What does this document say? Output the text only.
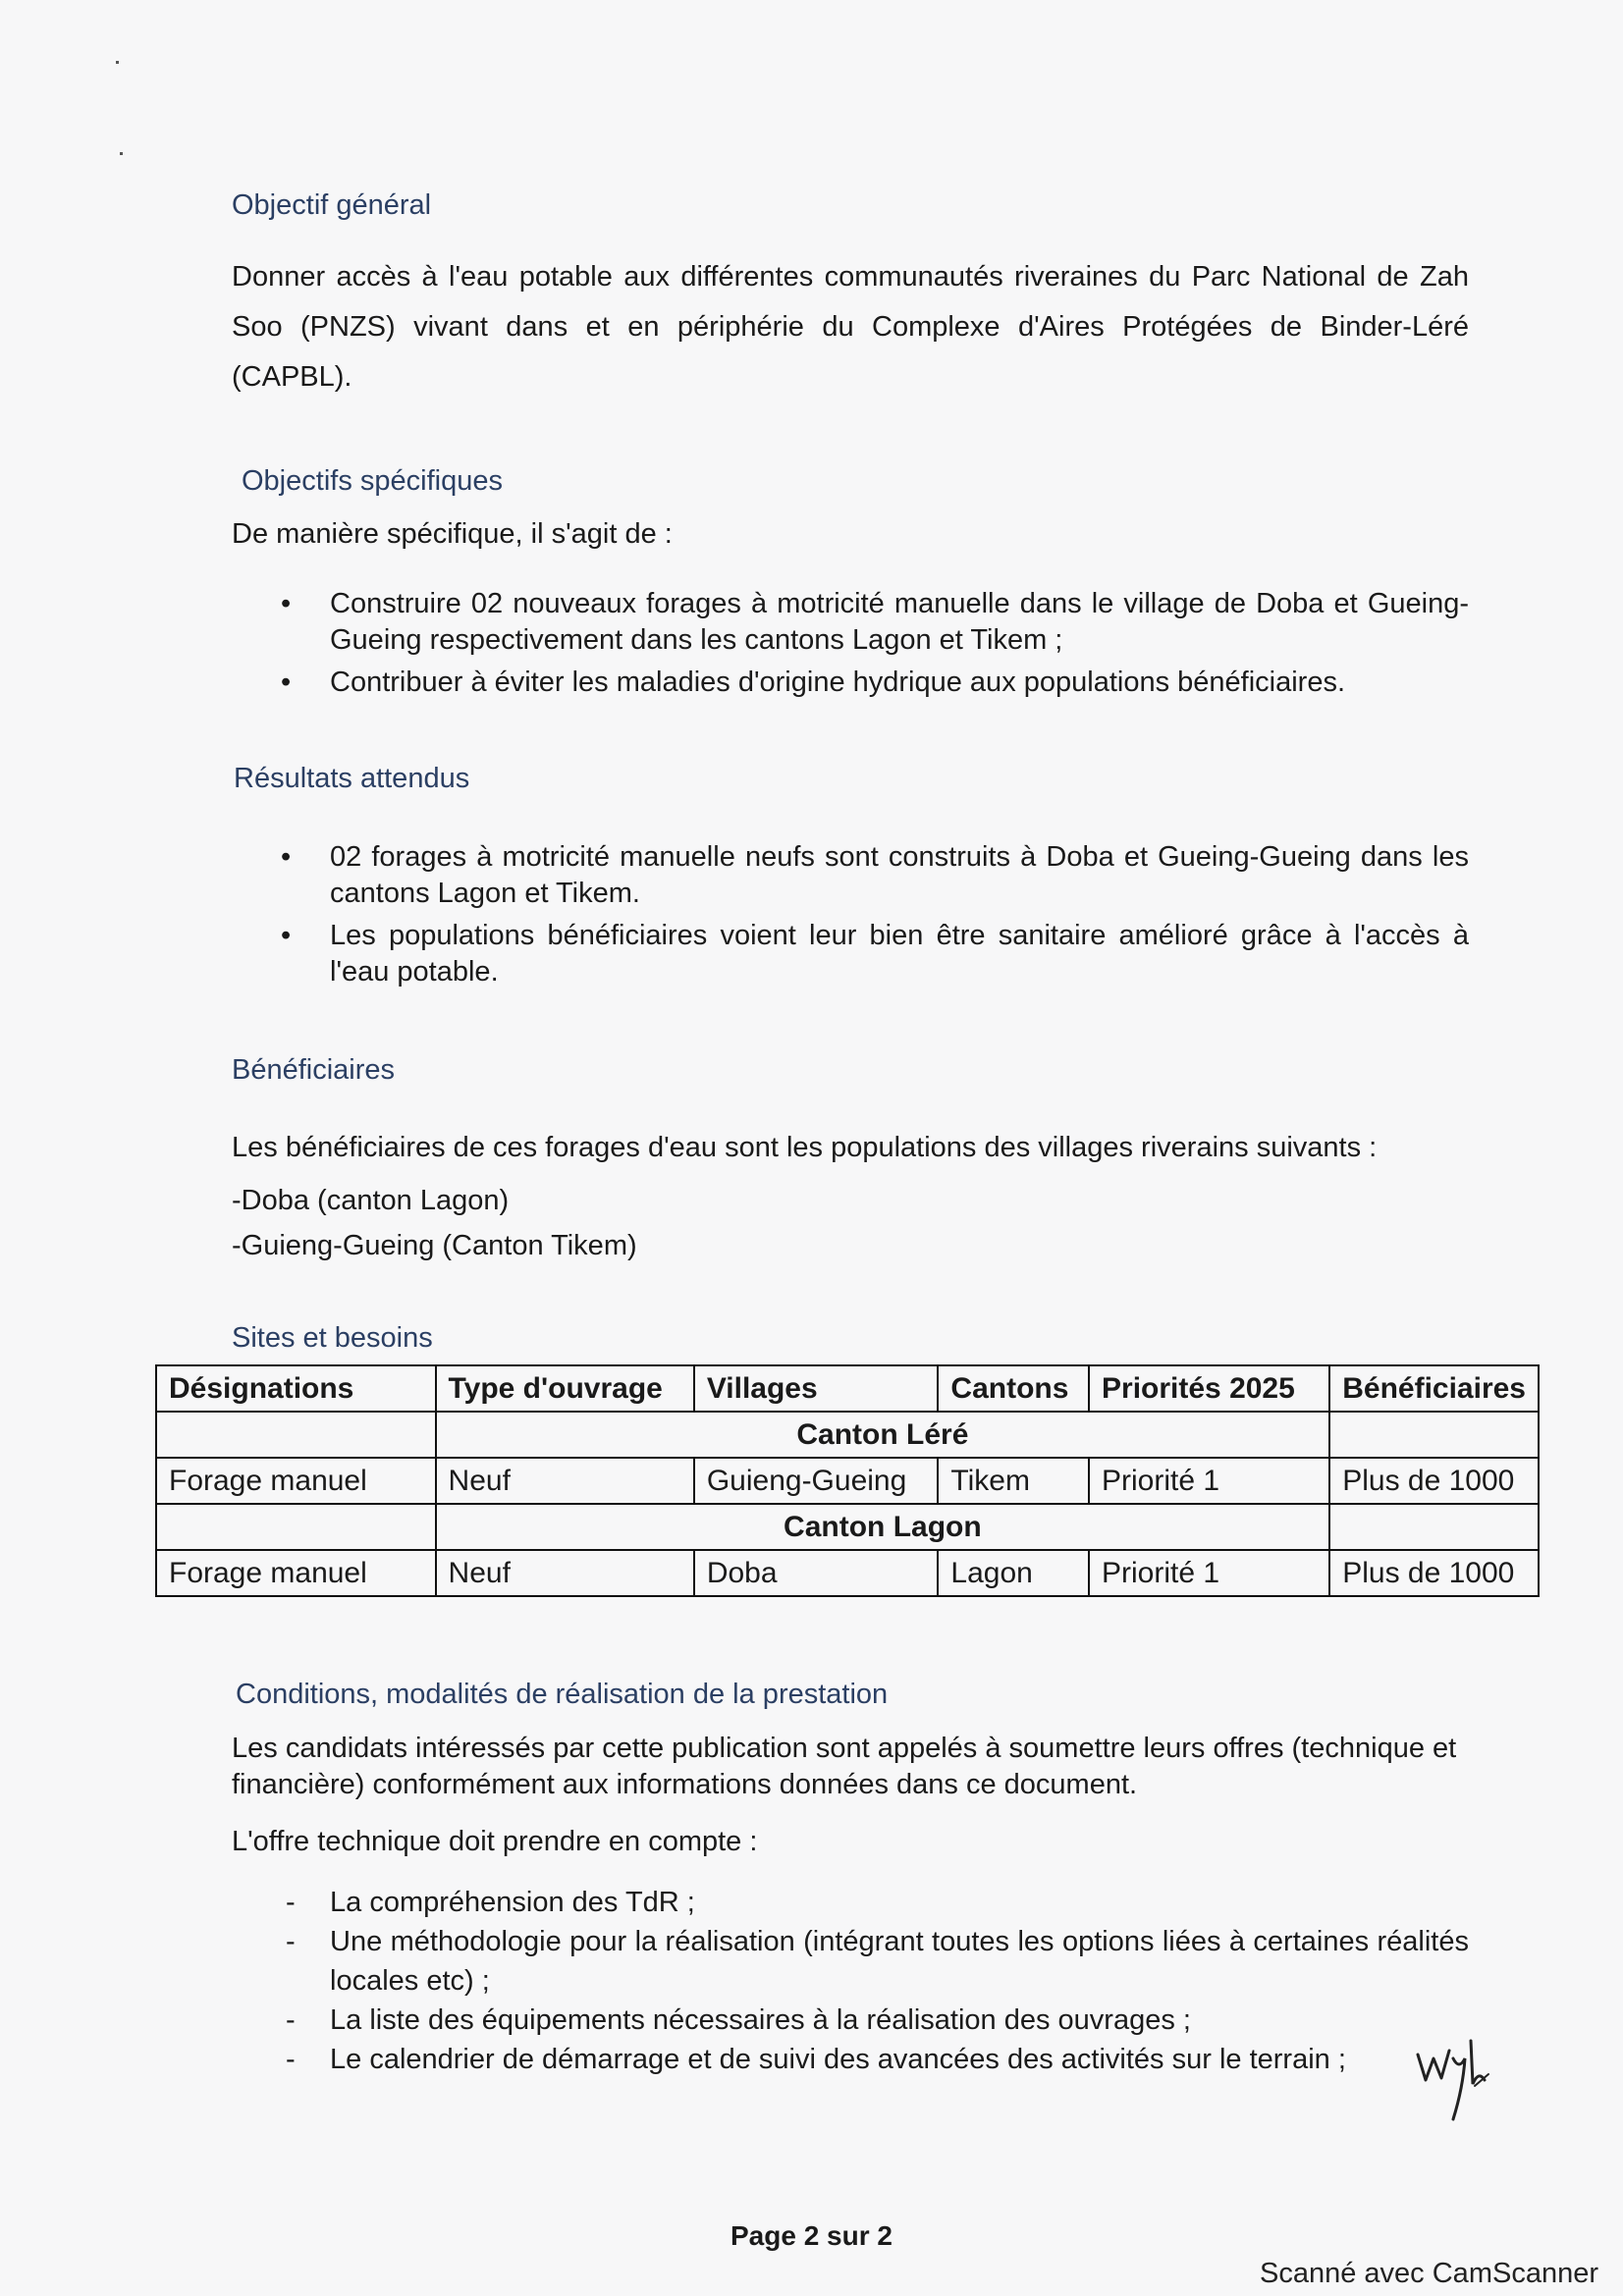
Objectif général
Donner accès à l'eau potable aux différentes communautés riveraines du Parc National de Zah Soo (PNZS) vivant dans et en périphérie du Complexe d'Aires Protégées de Binder-Léré (CAPBL).
Objectifs spécifiques
De manière spécifique, il s'agit de :
• Construire 02 nouveaux forages à motricité manuelle dans le village de Doba et Gueing-Gueing respectivement dans les cantons Lagon et Tikem ;
• Contribuer à éviter les maladies d'origine hydrique aux populations bénéficiaires.
Résultats attendus
• 02 forages à motricité manuelle neufs sont construits à Doba et Gueing-Gueing dans les cantons Lagon et Tikem.
• Les populations bénéficiaires voient leur bien être sanitaire amélioré grâce à l'accès à l'eau potable.
Bénéficiaires
Les bénéficiaires de ces forages d'eau sont les populations des villages riverains suivants :
-Doba (canton Lagon)
-Guieng-Gueing (Canton Tikem)
Sites et besoins
Désignations	Type d'ouvrage	Villages	Cantons	Priorités 2025	Bénéficiaires
	Canton Léré				
Forage manuel	Neuf	Guieng-Gueing	Tikem	Priorité 1	Plus de 1000
	Canton Lagon				
Forage manuel	Neuf	Doba	Lagon	Priorité 1	Plus de 1000
Conditions, modalités de réalisation de la prestation
Les candidats intéressés par cette publication sont appelés à soumettre leurs offres (technique et financière) conformément aux informations données dans ce document.
L'offre technique doit prendre en compte :
- La compréhension des TdR ;
- Une méthodologie pour la réalisation (intégrant toutes les options liées à certaines réalités locales etc) ;
- La liste des équipements nécessaires à la réalisation des ouvrages ;
- Le calendrier de démarrage et de suivi des avancées des activités sur le terrain ;
Page 2 sur 2
Scanné avec CamScanner
